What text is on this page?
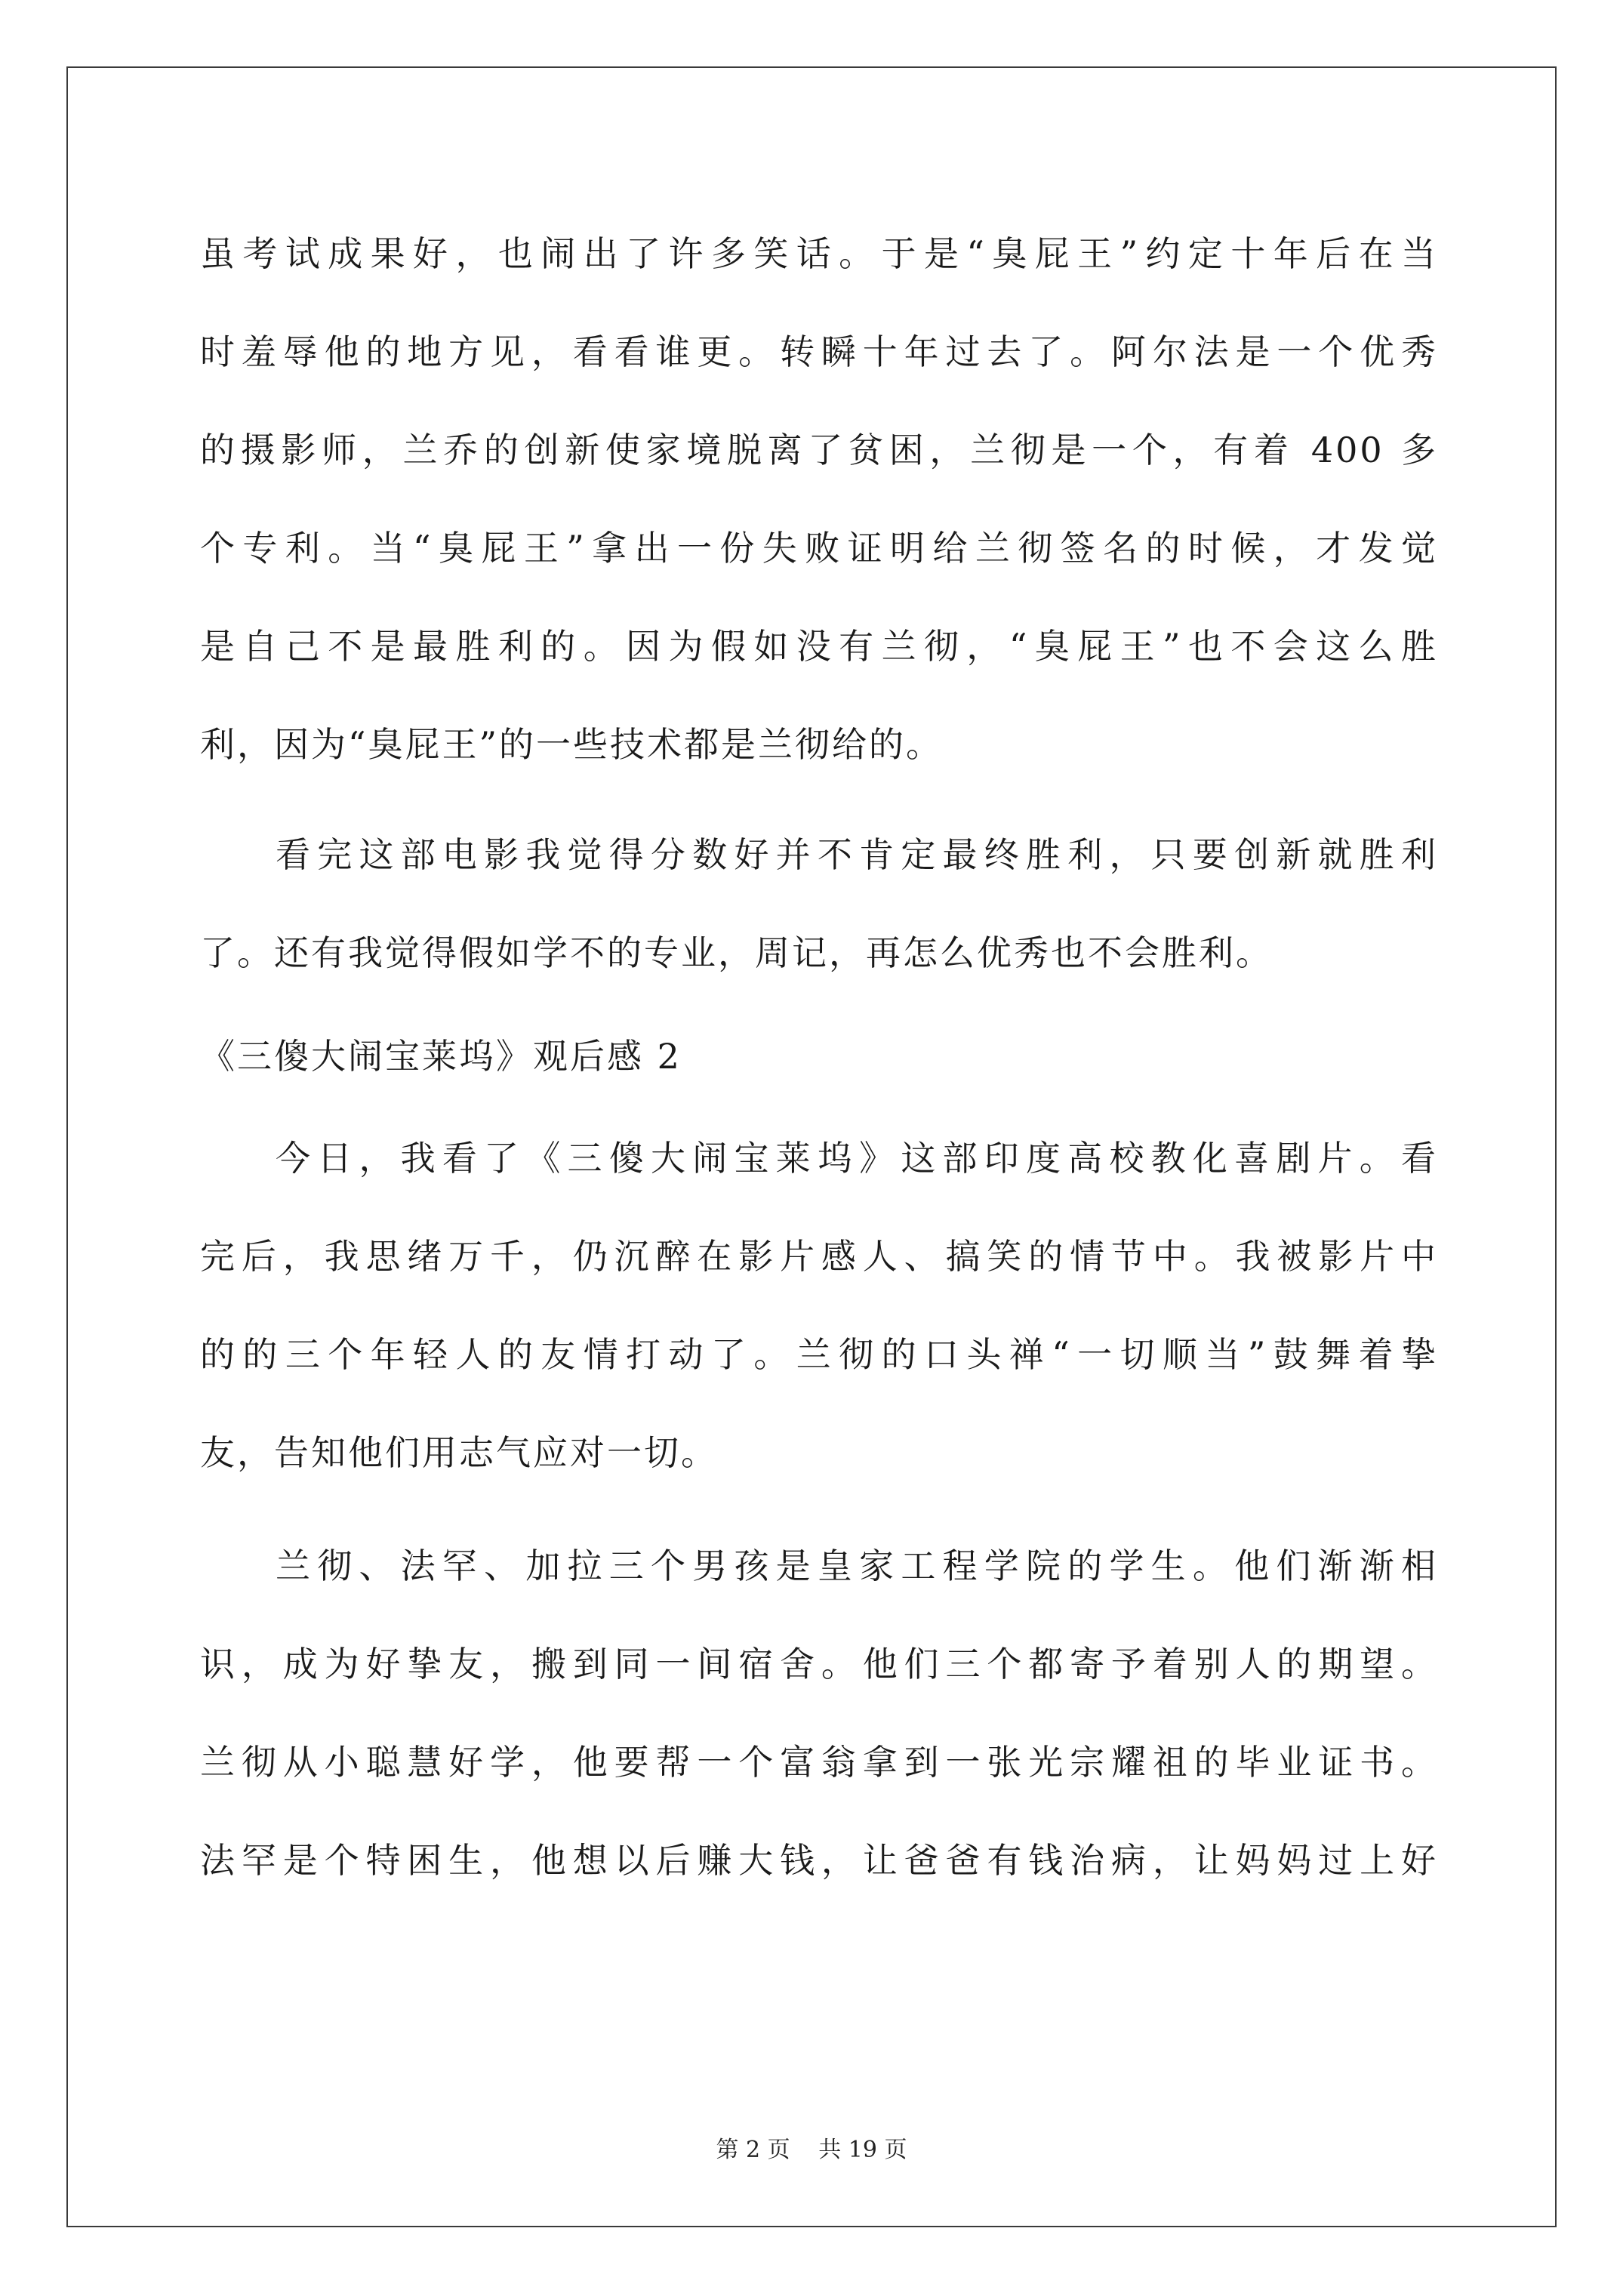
虽考试成果好，也闹出了许多笑话。于是“臭屁王”约定十年后在当
时羞辱他的地方见，看看谁更。转瞬十年过去了。阿尔法是一个优秀
的摄影师，兰乔的创新使家境脱离了贫困，兰彻是一个，有着 400 多
个专利。当“臭屁王”拿出一份失败证明给兰彻签名的时候，才发觉
是自己不是最胜利的。因为假如没有兰彻，“臭屁王”也不会这么胜
利，因为“臭屁王”的一些技术都是兰彻给的。
看完这部电影我觉得分数好并不肯定最终胜利，只要创新就胜利
了。还有我觉得假如学不的专业，周记，再怎么优秀也不会胜利。
《三傻大闹宝莱坞》观后感 2
今日，我看了《三傻大闹宝莱坞》这部印度高校教化喜剧片。看
完后，我思绪万千，仍沉醉在影片感人、搞笑的情节中。我被影片中
的的三个年轻人的友情打动了。兰彻的口头禅“一切顺当”鼓舞着挚
友，告知他们用志气应对一切。
兰彻、法罕、加拉三个男孩是皇家工程学院的学生。他们渐渐相
识，成为好挚友，搬到同一间宿舍。他们三个都寄予着别人的期望。
兰彻从小聪慧好学，他要帮一个富翁拿到一张光宗耀祖的毕业证书。
法罕是个特困生，他想以后赚大钱，让爸爸有钱治病，让妈妈过上好
第 2 页 共 19 页
